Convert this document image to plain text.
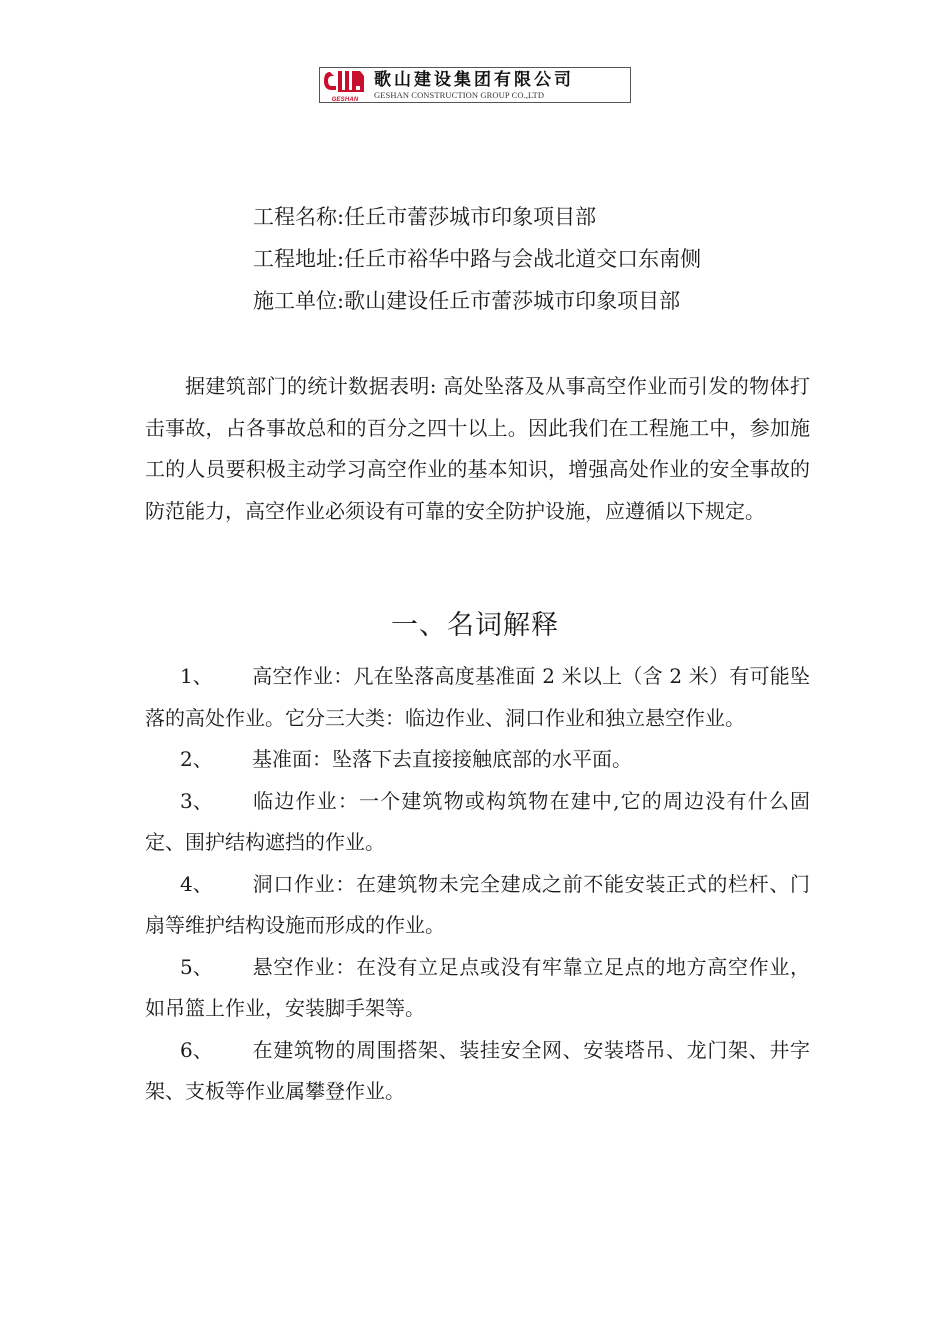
GESHAN
歌山建设集团有限公司
GESHAN CONSTRUCTION GROUP CO.,LTD
工程名称:任丘市蕾莎城市印象项目部
工程地址:任丘市裕华中路与会战北道交口东南侧
施工单位:歌山建设任丘市蕾莎城市印象项目部

据建筑部门的统计数据表明: 高处坠落及从事高空作业而引发的物体打击事故，占各事故总和的百分之四十以上。因此我们在工程施工中，参加施工的人员要积极主动学习高空作业的基本知识，增强高处作业的安全事故的防范能力，高空作业必须设有可靠的安全防护设施，应遵循以下规定。

一、名词解释

1、 高空作业：凡在坠落高度基准面 2 米以上（含 2 米）有可能坠落的高处作业。它分三大类：临边作业、洞口作业和独立悬空作业。

2、 基准面：坠落下去直接接触底部的水平面。

3、 临边作业：一个建筑物或构筑物在建中,它的周边没有什么固定、围护结构遮挡的作业。

4、 洞口作业：在建筑物未完全建成之前不能安装正式的栏杆、门扇等维护结构设施而形成的作业。

5、 悬空作业：在没有立足点或没有牢靠立足点的地方高空作业，如吊篮上作业，安装脚手架等。

6、 在建筑物的周围搭架、装挂安全网、安装塔吊、龙门架、井字架、支板等作业属攀登作业。
